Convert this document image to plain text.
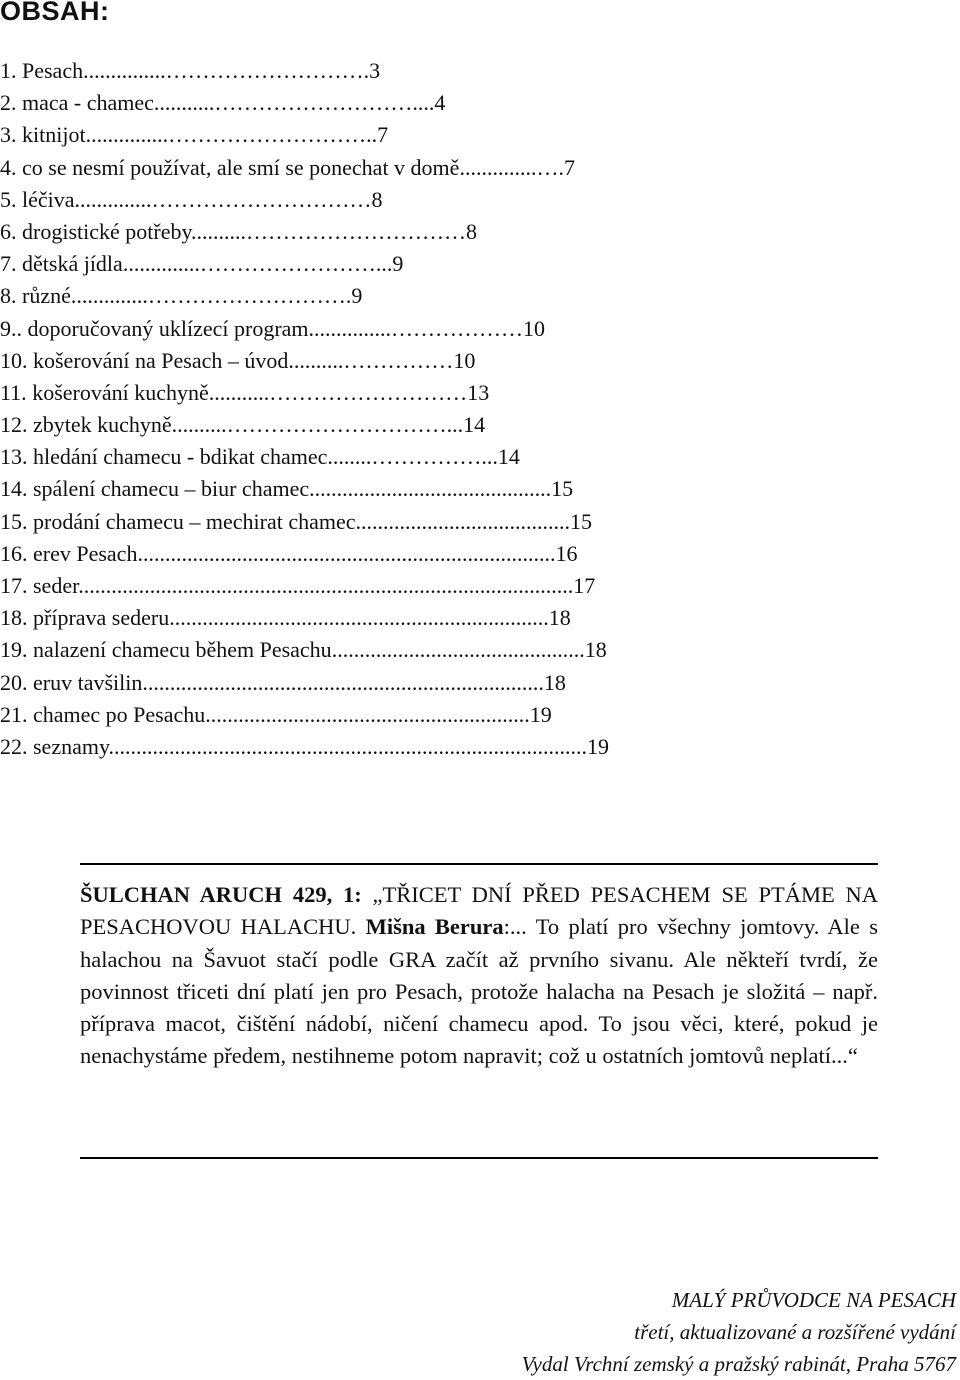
OBSAH:
1. Pesach...............……………………….3
2. maca - chamec...........………………………....4
3. kitnijot...............………………………..7
4. co se nesmí používat, ale smí se ponechat v domě..............….7
5. léčiva..............…………………………8
6. drogistické potřeby..........…………………………8
7. dětská jídla..............……………………...9
8. různé..............……………………….9
9.. doporučovaný uklízecí program...............………………10
10. košerování na Pesach – úvod..........……………10
11. košerování kuchyně...........………………………13
12. zbytek kuchyně..........…………………………...14
13. hledání chamecu - bdikat chamec........……………...14
14. spálení chamecu – biur chamec............................................15
15. prodání chamecu – mechirat chamec.......................................15
16. erev Pesach............................................................................16
17. seder..........................................................................................17
18. příprava sederu.....................................................................18
19. nalazení chamecu během Pesachu..............................................18
20. eruv tavšilin.........................................................................18
21. chamec po Pesachu...........................................................19
22. seznamy.......................................................................................19
ŠULCHAN ARUCH 429, 1: „TŘICET DNÍ PŘED PESACHEM SE PTÁME NA PESACHOVOU HALACHU. Mišna Berura:... To platí pro všechny jomtovy. Ale s halachou na Šavuot stačí podle GRA začít až prvního sivanu. Ale někteří tvrdí, že povinnost třiceti dní platí jen pro Pesach, protože halacha na Pesach je složitá – např. příprava macot, čištění nádobí, ničení chamecu apod. To jsou věci, které, pokud je nenachystáme předem, nestihneme potom napravit; což u ostatních jomtovů neplatí...“
MALÝ PRŮVODCE NA PESACH
třetí, aktualizované a rozšířené vydání
Vydal Vrchní zemský a pražský rabinát, Praha 5767
